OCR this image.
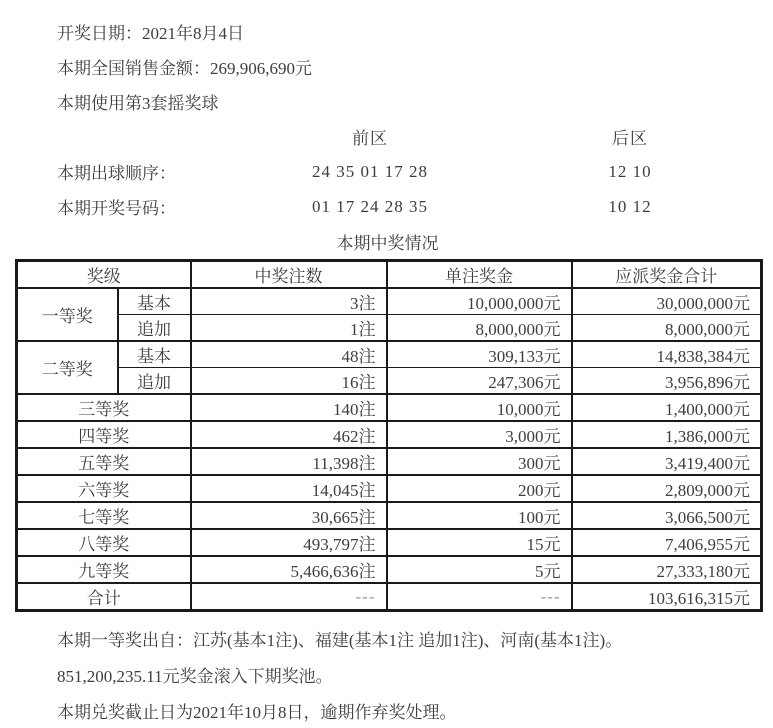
开奖日期：2021年8月4日
本期全国销售金额：269,906,690元
本期使用第3套摇奖球
前区	后区
本期出球顺序：	24 35 01 17 28	12 10
本期开奖号码：	01 17 24 28 35	10 12
本期中奖情况
奖级		中奖注数	单注奖金	应派奖金合计
一等奖	基本	3注	10,000,000元	30,000,000元
	追加	1注	8,000,000元	8,000,000元
二等奖	基本	48注	309,133元	14,838,384元
	追加	16注	247,306元	3,956,896元
三等奖		140注	10,000元	1,400,000元
四等奖		462注	3,000元	1,386,000元
五等奖		11,398注	300元	3,419,400元
六等奖		14,045注	200元	2,809,000元
七等奖		30,665注	100元	3,066,500元
八等奖		493,797注	15元	7,406,955元
九等奖		5,466,636注	5元	27,333,180元
合计		---	---	103,616,315元
本期一等奖出自：江苏(基本1注)、福建(基本1注 追加1注)、河南(基本1注)。
851,200,235.11元奖金滚入下期奖池。
本期兑奖截止日为2021年10月8日，逾期作弃奖处理。
